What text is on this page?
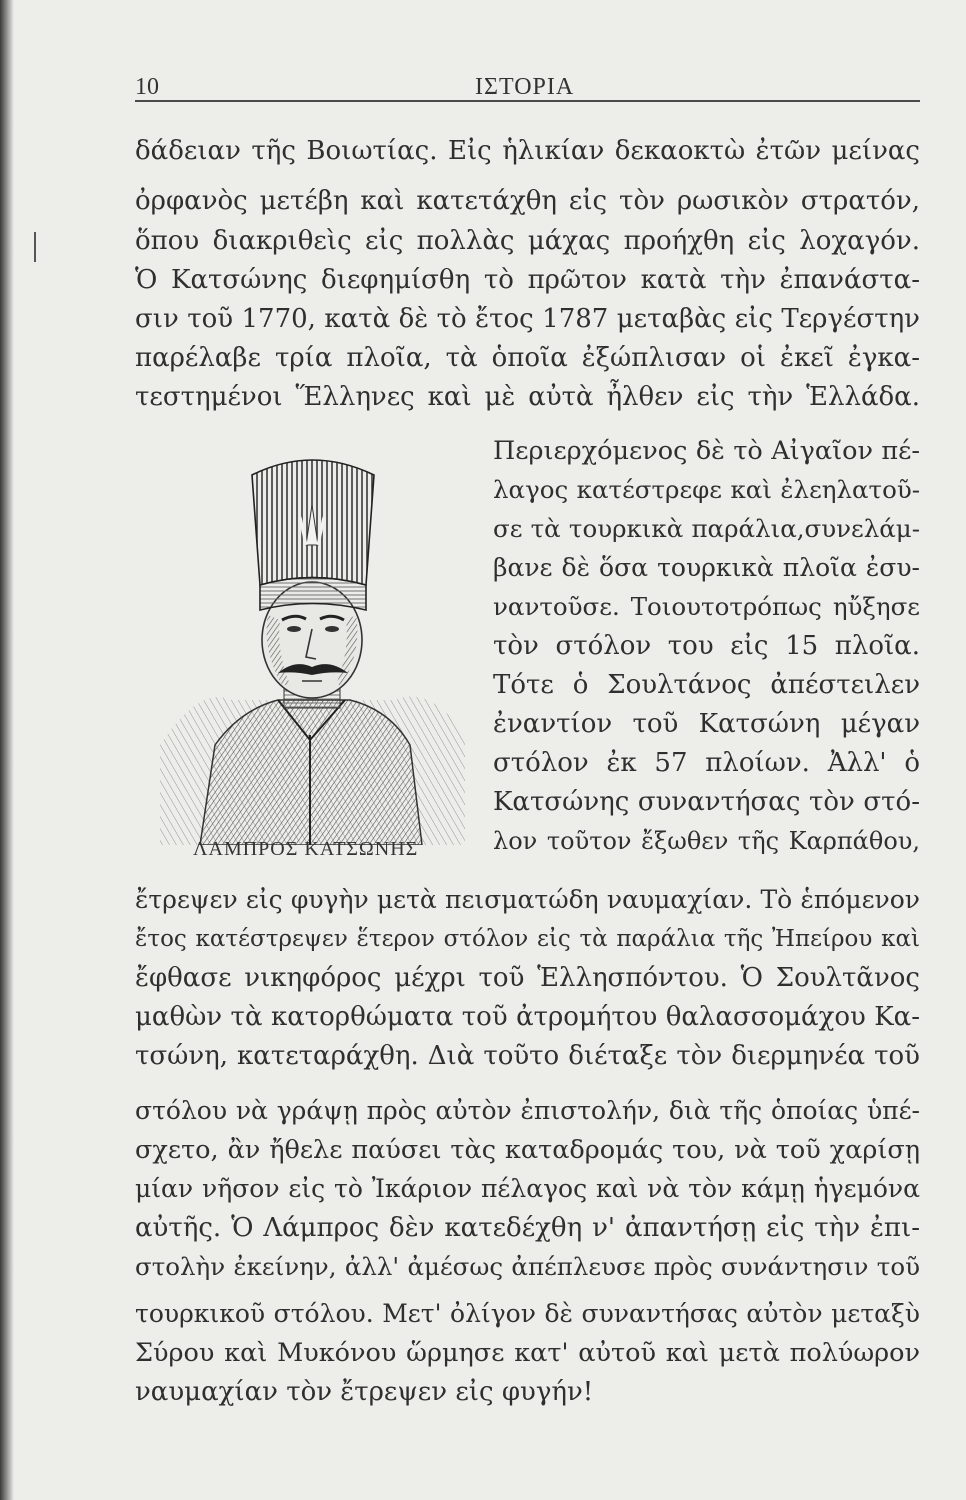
10	ΙΣΤΟΡΙΑ

δάδειαν τῆς Βοιωτίας. Εἰς ἡλικίαν δεκαοκτὼ ἐτῶν μείνας

ὀρφανὸς μετέβη καὶ κατετάχθη εἰς τὸν ρωσικὸν στρατόν,

ὅπου διακριθεὶς εἰς πολλὰς μάχας προήχθη εἰς λοχαγόν.

Ὁ Κατσώνης διεφημίσθη τὸ πρῶτον κατὰ τὴν ἐπανάστα-

σιν τοῦ 1770, κατὰ δὲ τὸ ἔτος 1787 μεταβὰς εἰς Τεργέστην

παρέλαβε τρία πλοῖα, τὰ ὁποῖα ἐξώπλισαν οἱ ἐκεῖ ἐγκα-

τεστημένοι Ἕλληνες καὶ μὲ αὐτὰ ἦλθεν εἰς τὴν Ἑλλάδα.

Περιερχόμενος δὲ τὸ Αἰγαῖον πέ-

λαγος κατέστρεφε καὶ ἐλεηλατοῦ-

σε τὰ τουρκικὰ παράλια,συνελάμ-

βανε δὲ ὅσα τουρκικὰ πλοῖα ἐσυ-

ναντοῦσε. Τοιουτοτρόπως ηὔξησε

τὸν στόλον του εἰς 15 πλοῖα.

Τότε ὁ Σουλτάνος ἀπέστειλεν

ἐναντίον τοῦ Κατσώνη μέγαν

στόλον ἐκ 57 πλοίων. Ἀλλ' ὁ

Κατσώνης συναντήσας τὸν στό-

λον τοῦτον ἔξωθεν τῆς Καρπάθου,

ΛΑΜΠΡΟΣ ΚΑΤΣΩΝΗΣ

ἔτρεψεν εἰς φυγὴν μετὰ πεισματώδη ναυμαχίαν. Τὸ ἑπόμενον

ἔτος κατέστρεψεν ἕτερον στόλον εἰς τὰ παράλια τῆς Ἠπείρου καὶ

ἔφθασε νικηφόρος μέχρι τοῦ Ἑλλησπόντου. Ὁ Σουλτᾶνος

μαθὼν τὰ κατορθώματα τοῦ ἀτρομήτου θαλασσομάχου Κα-

τσώνη, κατεταράχθη. Διὰ τοῦτο διέταξε τὸν διερμηνέα τοῦ

στόλου νὰ γράψῃ πρὸς αὐτὸν ἐπιστολήν, διὰ τῆς ὁποίας ὑπέ-

σχετο, ἂν ἤθελε παύσει τὰς καταδρομάς του, νὰ τοῦ χαρίσῃ

μίαν νῆσον εἰς τὸ Ἰκάριον πέλαγος καὶ νὰ τὸν κάμῃ ἡγεμόνα

αὐτῆς. Ὁ Λάμπρος δὲν κατεδέχθη ν' ἀπαντήσῃ εἰς τὴν ἐπι-

στολὴν ἐκείνην, ἀλλ' ἀμέσως ἀπέπλευσε πρὸς συνάντησιν τοῦ

τουρκικοῦ στόλου. Μετ' ὀλίγον δὲ συναντήσας αὐτὸν μεταξὺ

Σύρου καὶ Μυκόνου ὥρμησε κατ' αὐτοῦ καὶ μετὰ πολύωρον

ναυμαχίαν τὸν ἔτρεψεν εἰς φυγήν!
